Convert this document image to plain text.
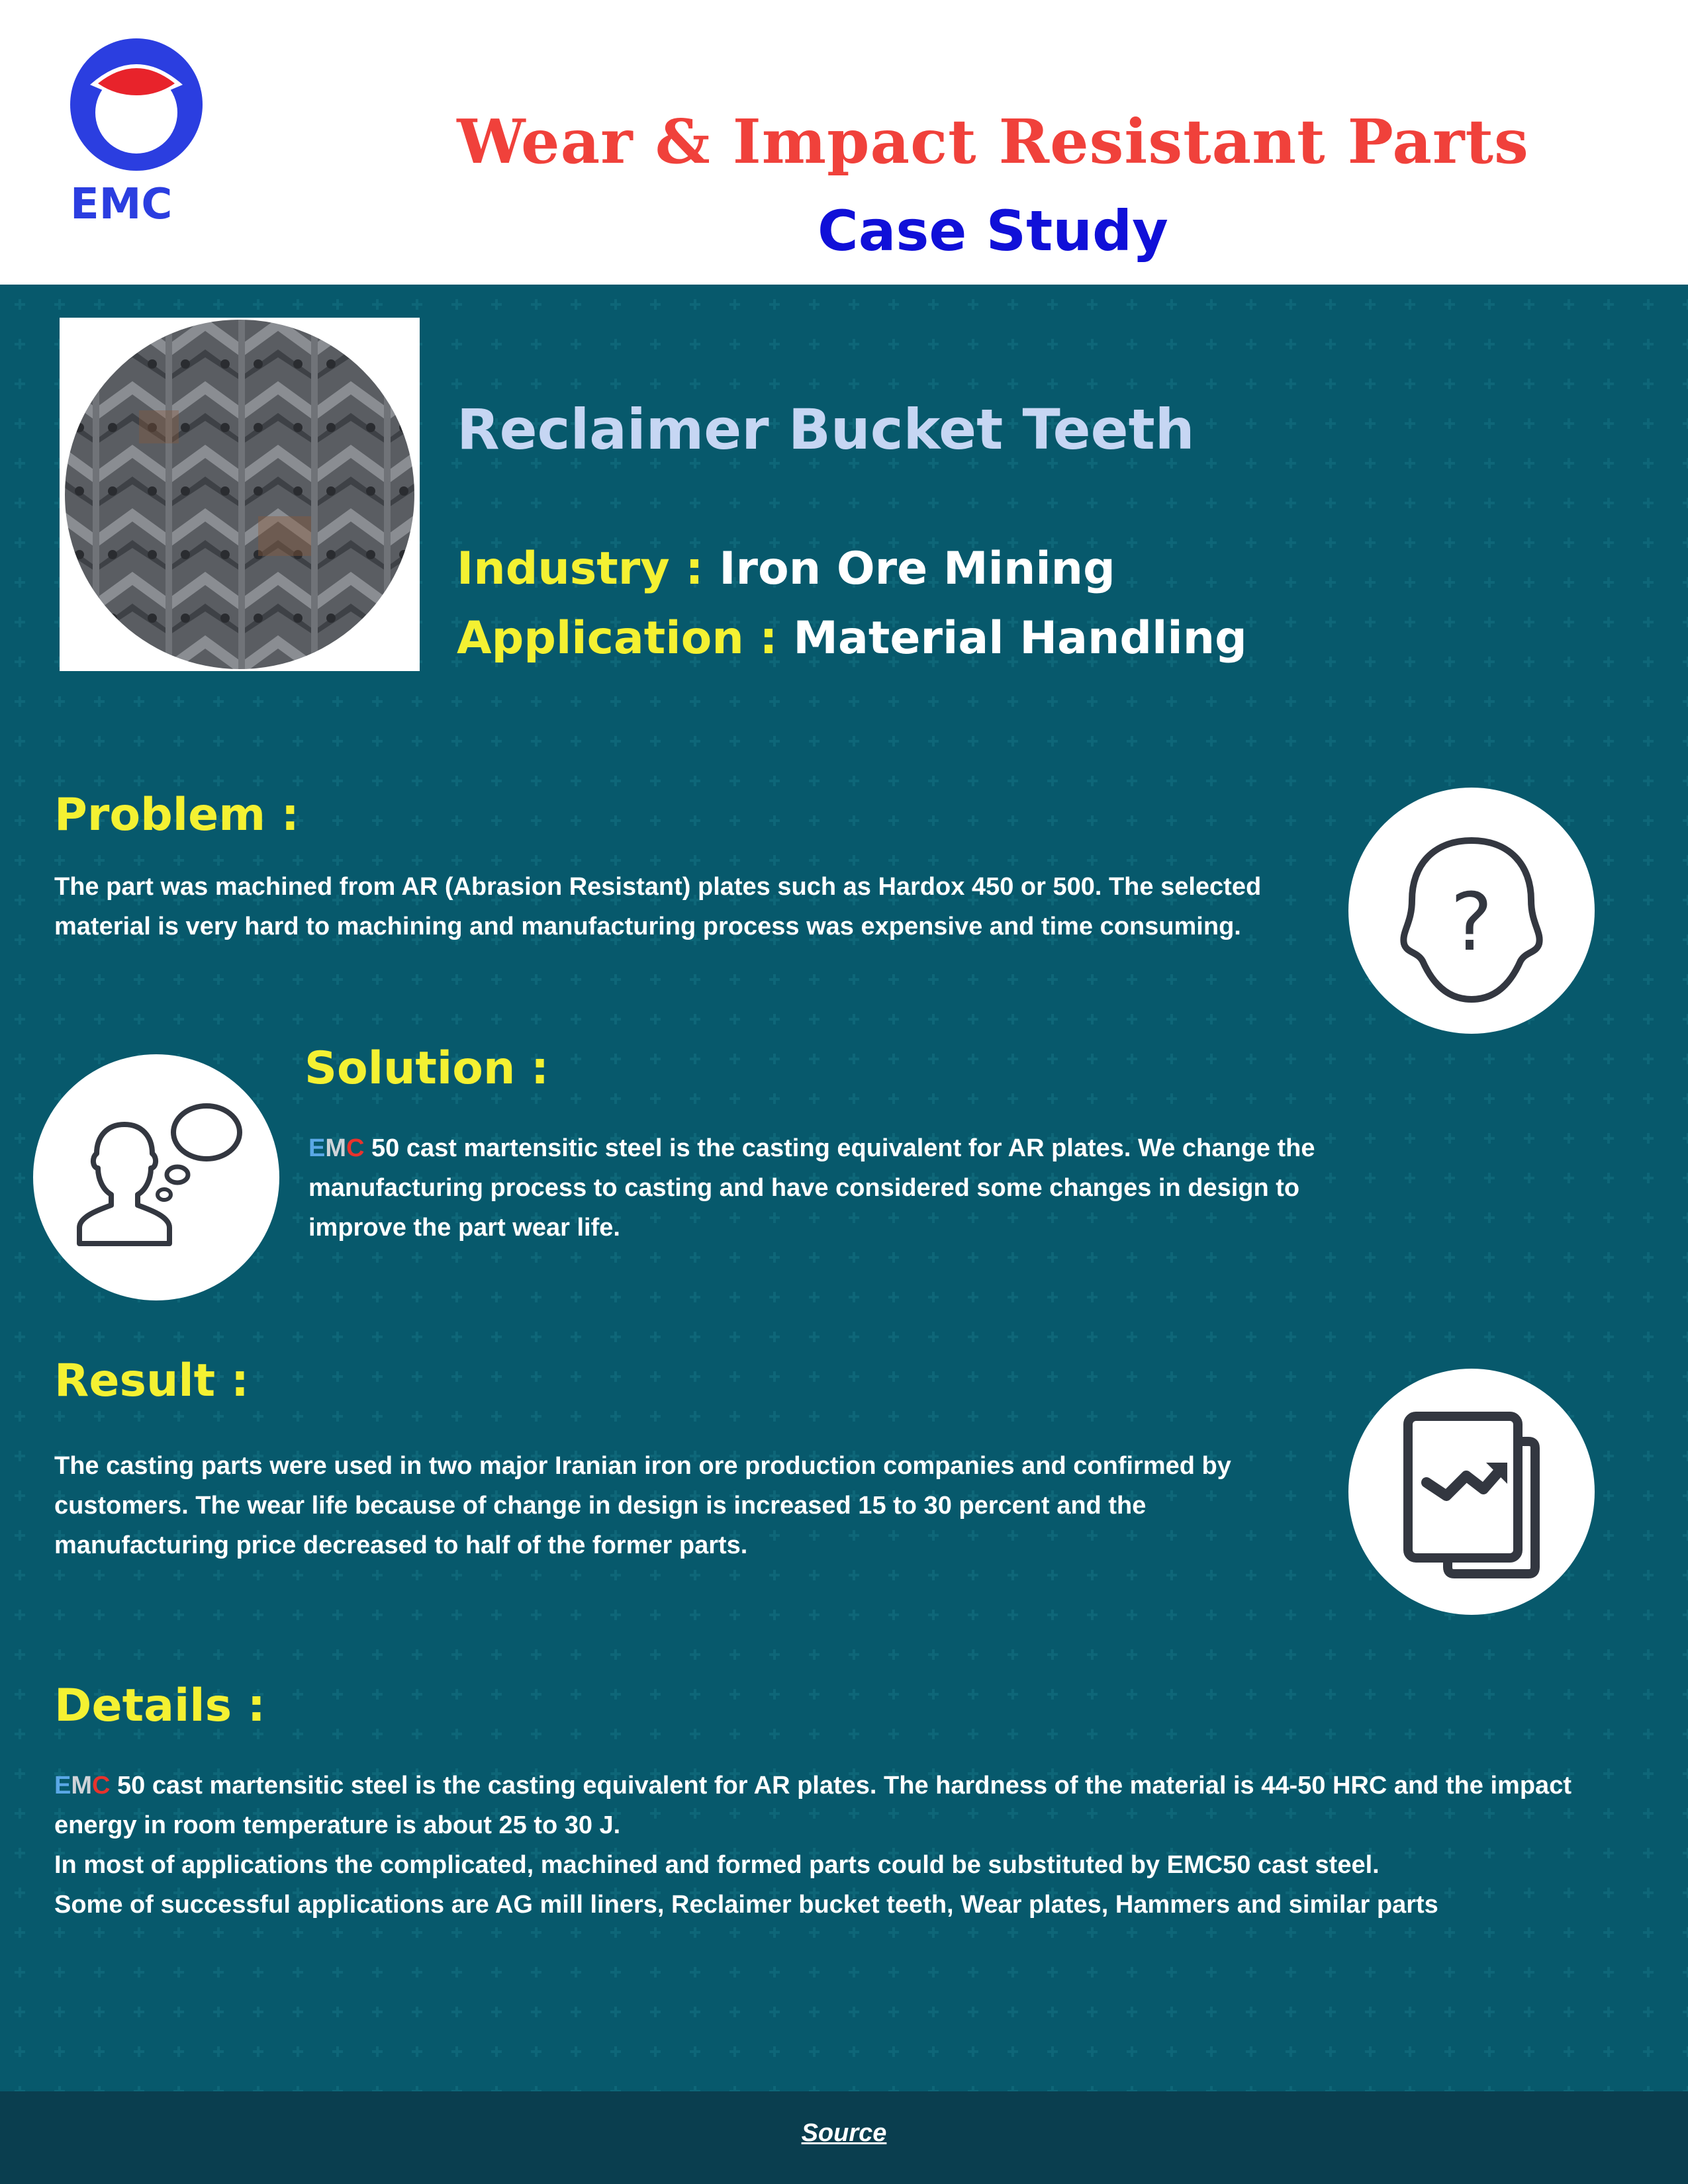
EMC
Wear & Impact Resistant Parts
Case Study
Reclaimer Bucket Teeth
Industry : Iron Ore Mining
Application : Material Handling
Problem :
The part was machined from AR (Abrasion Resistant) plates such as Hardox 450 or 500. The selected material is very hard to machining and manufacturing process was expensive and time consuming.	?
Solution :
EMC 50 cast martensitic steel is the casting equivalent for AR plates. We change the manufacturing process to casting and have considered some changes in design to improve the part wear life.
Result :
The casting parts were used in two major Iranian iron ore production companies and confirmed by customers. The wear life because of change in design is increased 15 to 30 percent and the manufacturing price decreased to half of the former parts.
Details :

EMC 50 cast martensitic steel is the casting equivalent for AR plates. The hardness of the material is 44-50 HRC and the impact energy in room temperature is about 25 to 30 J.

In most of applications the complicated, machined and formed parts could be substituted by EMC50 cast steel.

Some of successful applications are AG mill liners, Reclaimer bucket teeth, Wear plates, Hammers and similar parts

Source
